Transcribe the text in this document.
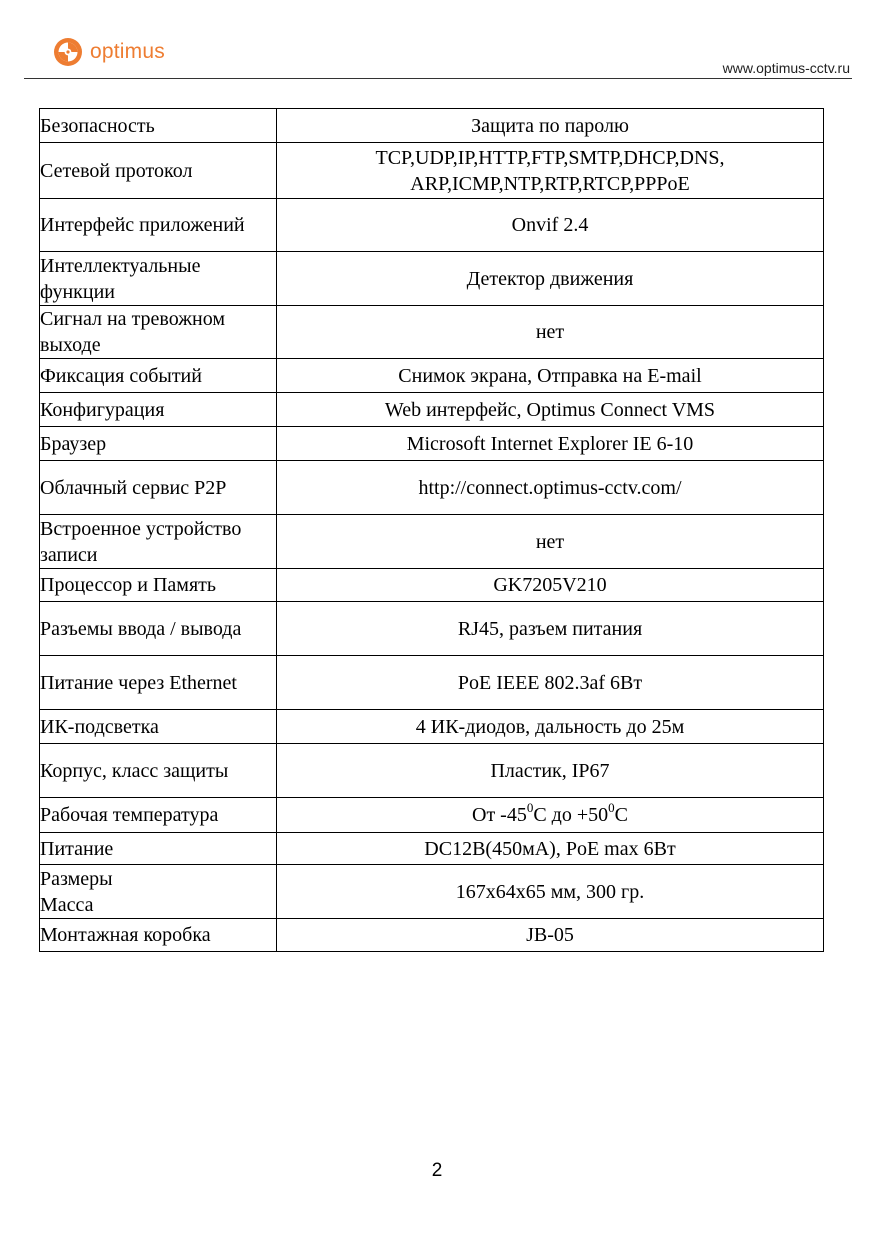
optimus
www.optimus-cctv.ru
Безопасность	Защита по паролю
Сетевой протокол	TCP,UDP,IP,HTTP,FTP,SMTP,DHCP,DNS,
ARP,ICMP,NTP,RTP,RTCP,PPPoE

Интерфейс приложений	Onvif 2.4
Интеллектуальные функции	Детектор движения
Сигнал на тревожном выходе	нет
Фиксация событий	Снимок экрана, Отправка на E-mail
Конфигурация	Web интерфейс, Optimus Connect VMS
Браузер	Microsoft Internet Explorer IE 6-10
Облачный сервис P2P	http://connect.optimus-cctv.com/
Встроенное устройство записи	нет
Процессор и Память	GK7205V210
Разъемы ввода / вывода	RJ45, разъем питания
Питание через Ethernet	PoE IEEE 802.3af 6Вт
ИК-подсветка	4 ИК-диодов, дальность до 25м
Корпус, класс защиты	Пластик, IP67
Рабочая температура	От $-45^0С$ до $+50^0С$
Питание	DC12В(450мА), PoE max 6Вт

Размеры
Масса	167x64x65 мм, 300 гр.
Монтажная коробка	JB-05
2
